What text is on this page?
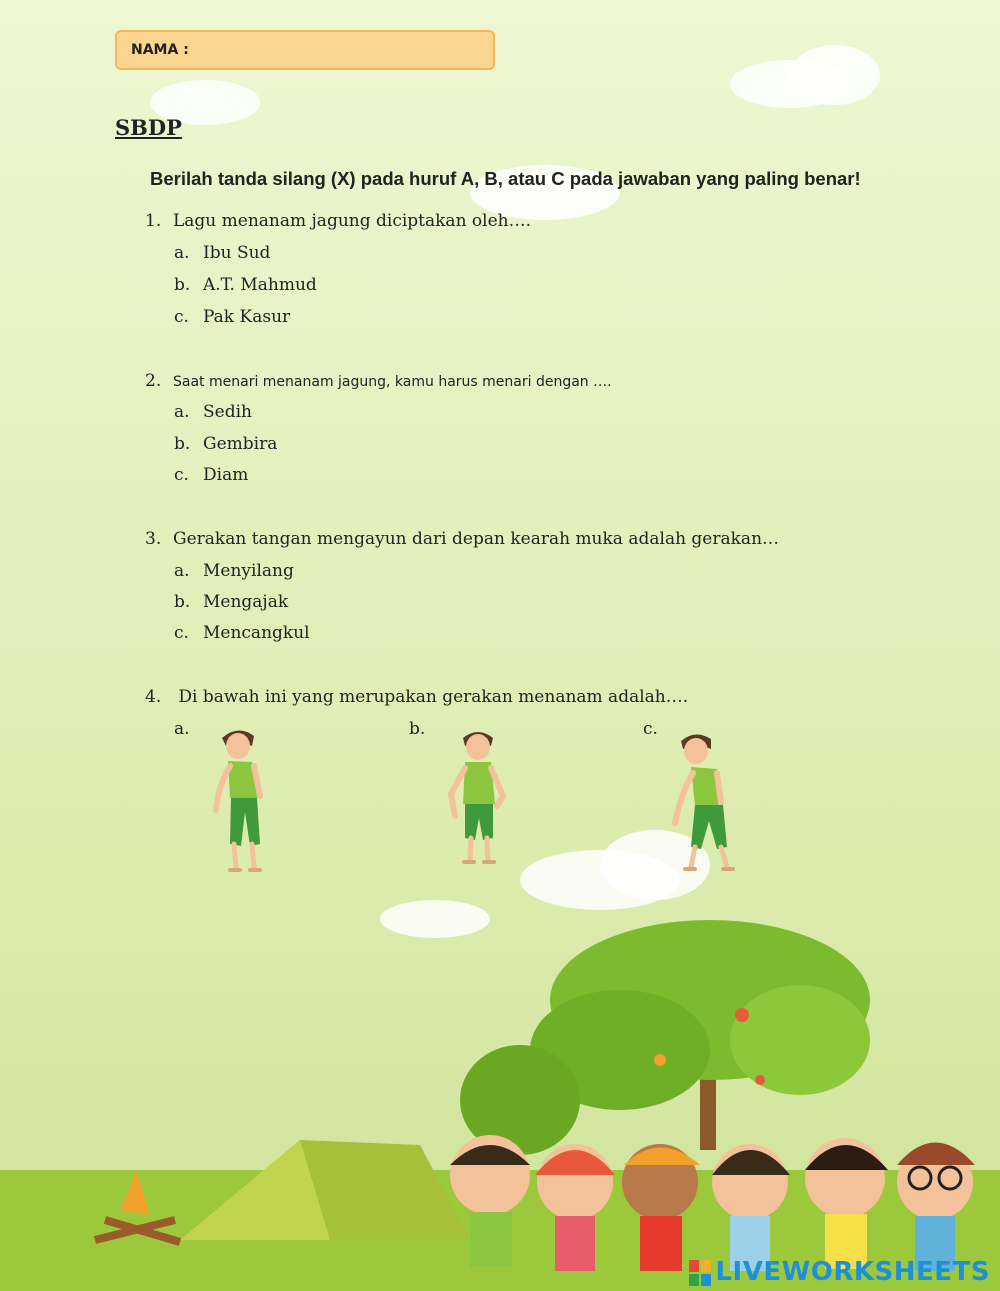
NAMA :
SBDP
Berilah tanda silang (X) pada huruf A, B, atau C pada jawaban yang paling benar!
1. Lagu menanam jagung diciptakan oleh….
a. Ibu Sud
b. A.T. Mahmud
c. Pak Kasur
2. Saat menari menanam jagung, kamu harus menari dengan ….
a. Sedih
b. Gembira
c. Diam
3. Gerakan tangan mengayun dari depan kearah muka adalah gerakan…
a. Menyilang
b. Mengajak
c. Mencangkul
4. Di bawah ini yang merupakan gerakan menanam adalah….
a.	b.	c.
LIVEWORKSHEETS
